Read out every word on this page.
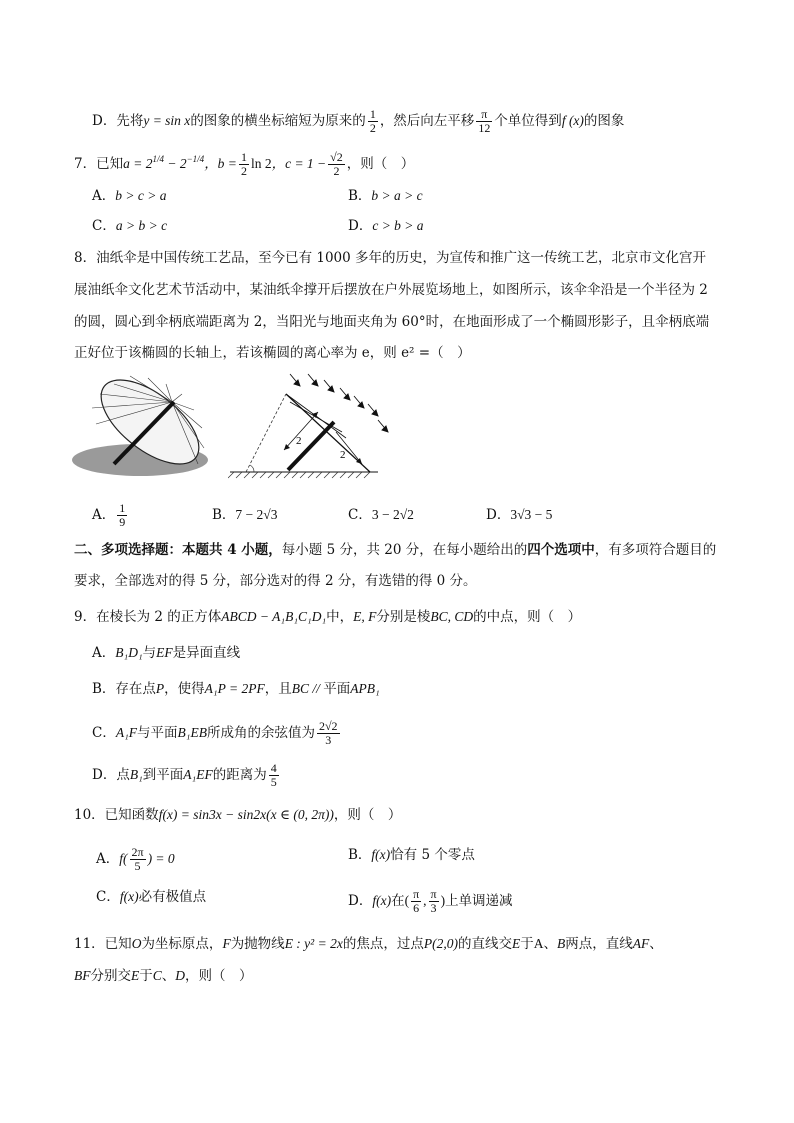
D．先将y = sin x的图象的横坐标缩短为原来的 $\frac{1}{2}$ ，然后向左平移 $\frac{\pi}{12}$ 个单位得到f (x)的图象
7．已知$a = 2^{1/4} - 2^{-1/4}$，$b = \frac{1}{2}$ ln 2，$c = 1 - \frac{√2}{2}$ ，则（　）
A．b > c > a	B．b > a > c
C．a > b > c	D．c > b > a
8．油纸伞是中国传统工艺品，至今已有 1000 多年的历史，为宣传和推广这一传统工艺，北京市文化宫开
展油纸伞文化艺术节活动中，某油纸伞撑开后摆放在户外展览场地上，如图所示，该伞伞沿是一个半径为 2
的圆，圆心到伞柄底端距离为 2，当阳光与地面夹角为 60°时，在地面形成了一个椭圆形影子，且伞柄底端
正好位于该椭圆的长轴上，若该椭圆的离心率为 e，则 e² =（　）
2
2
A． $\frac{1}{9}$	B．7 − 2√3	C．3 − 2√2	D．3√3 − 5
二、多项选择题：本题共 4 小题，每小题 5 分，共 20 分，在每小题给出的四个选项中，有多项符合题目的
要求，全部选对的得 5 分，部分选对的得 2 分，有选错的得 0 分。
9．在棱长为 2 的正方体ABCD − A₁B₁C₁D₁中，E, F分别是棱BC, CD的中点，则（　）
A．B₁D₁与EF是异面直线
B．存在点P，使得A₁P = 2PF，且BC // 平面APB₁
C．A₁F与平面B₁EB所成角的余弦值为 $\frac{2√2}{3}$
D．点B₁到平面A₁EF的距离为 $\frac{4}{5}$
10．已知函数f(x) = sin3x − sin2x(x ∈ (0, 2π))，则（　）
A．$f( \frac{2\pi}{5}$ ) = 0	B．f(x)恰有 5 个零点
C．f(x)必有极值点	D．f(x)在( $\frac{\pi}{6}$ , $\frac{\pi}{3}$ )上单调递减
11．已知O为坐标原点，F为抛物线E : y² = 2x的焦点，过点P(2,0)的直线交E于A、B两点，直线AF、
BF分别交E于C、D，则（　）
